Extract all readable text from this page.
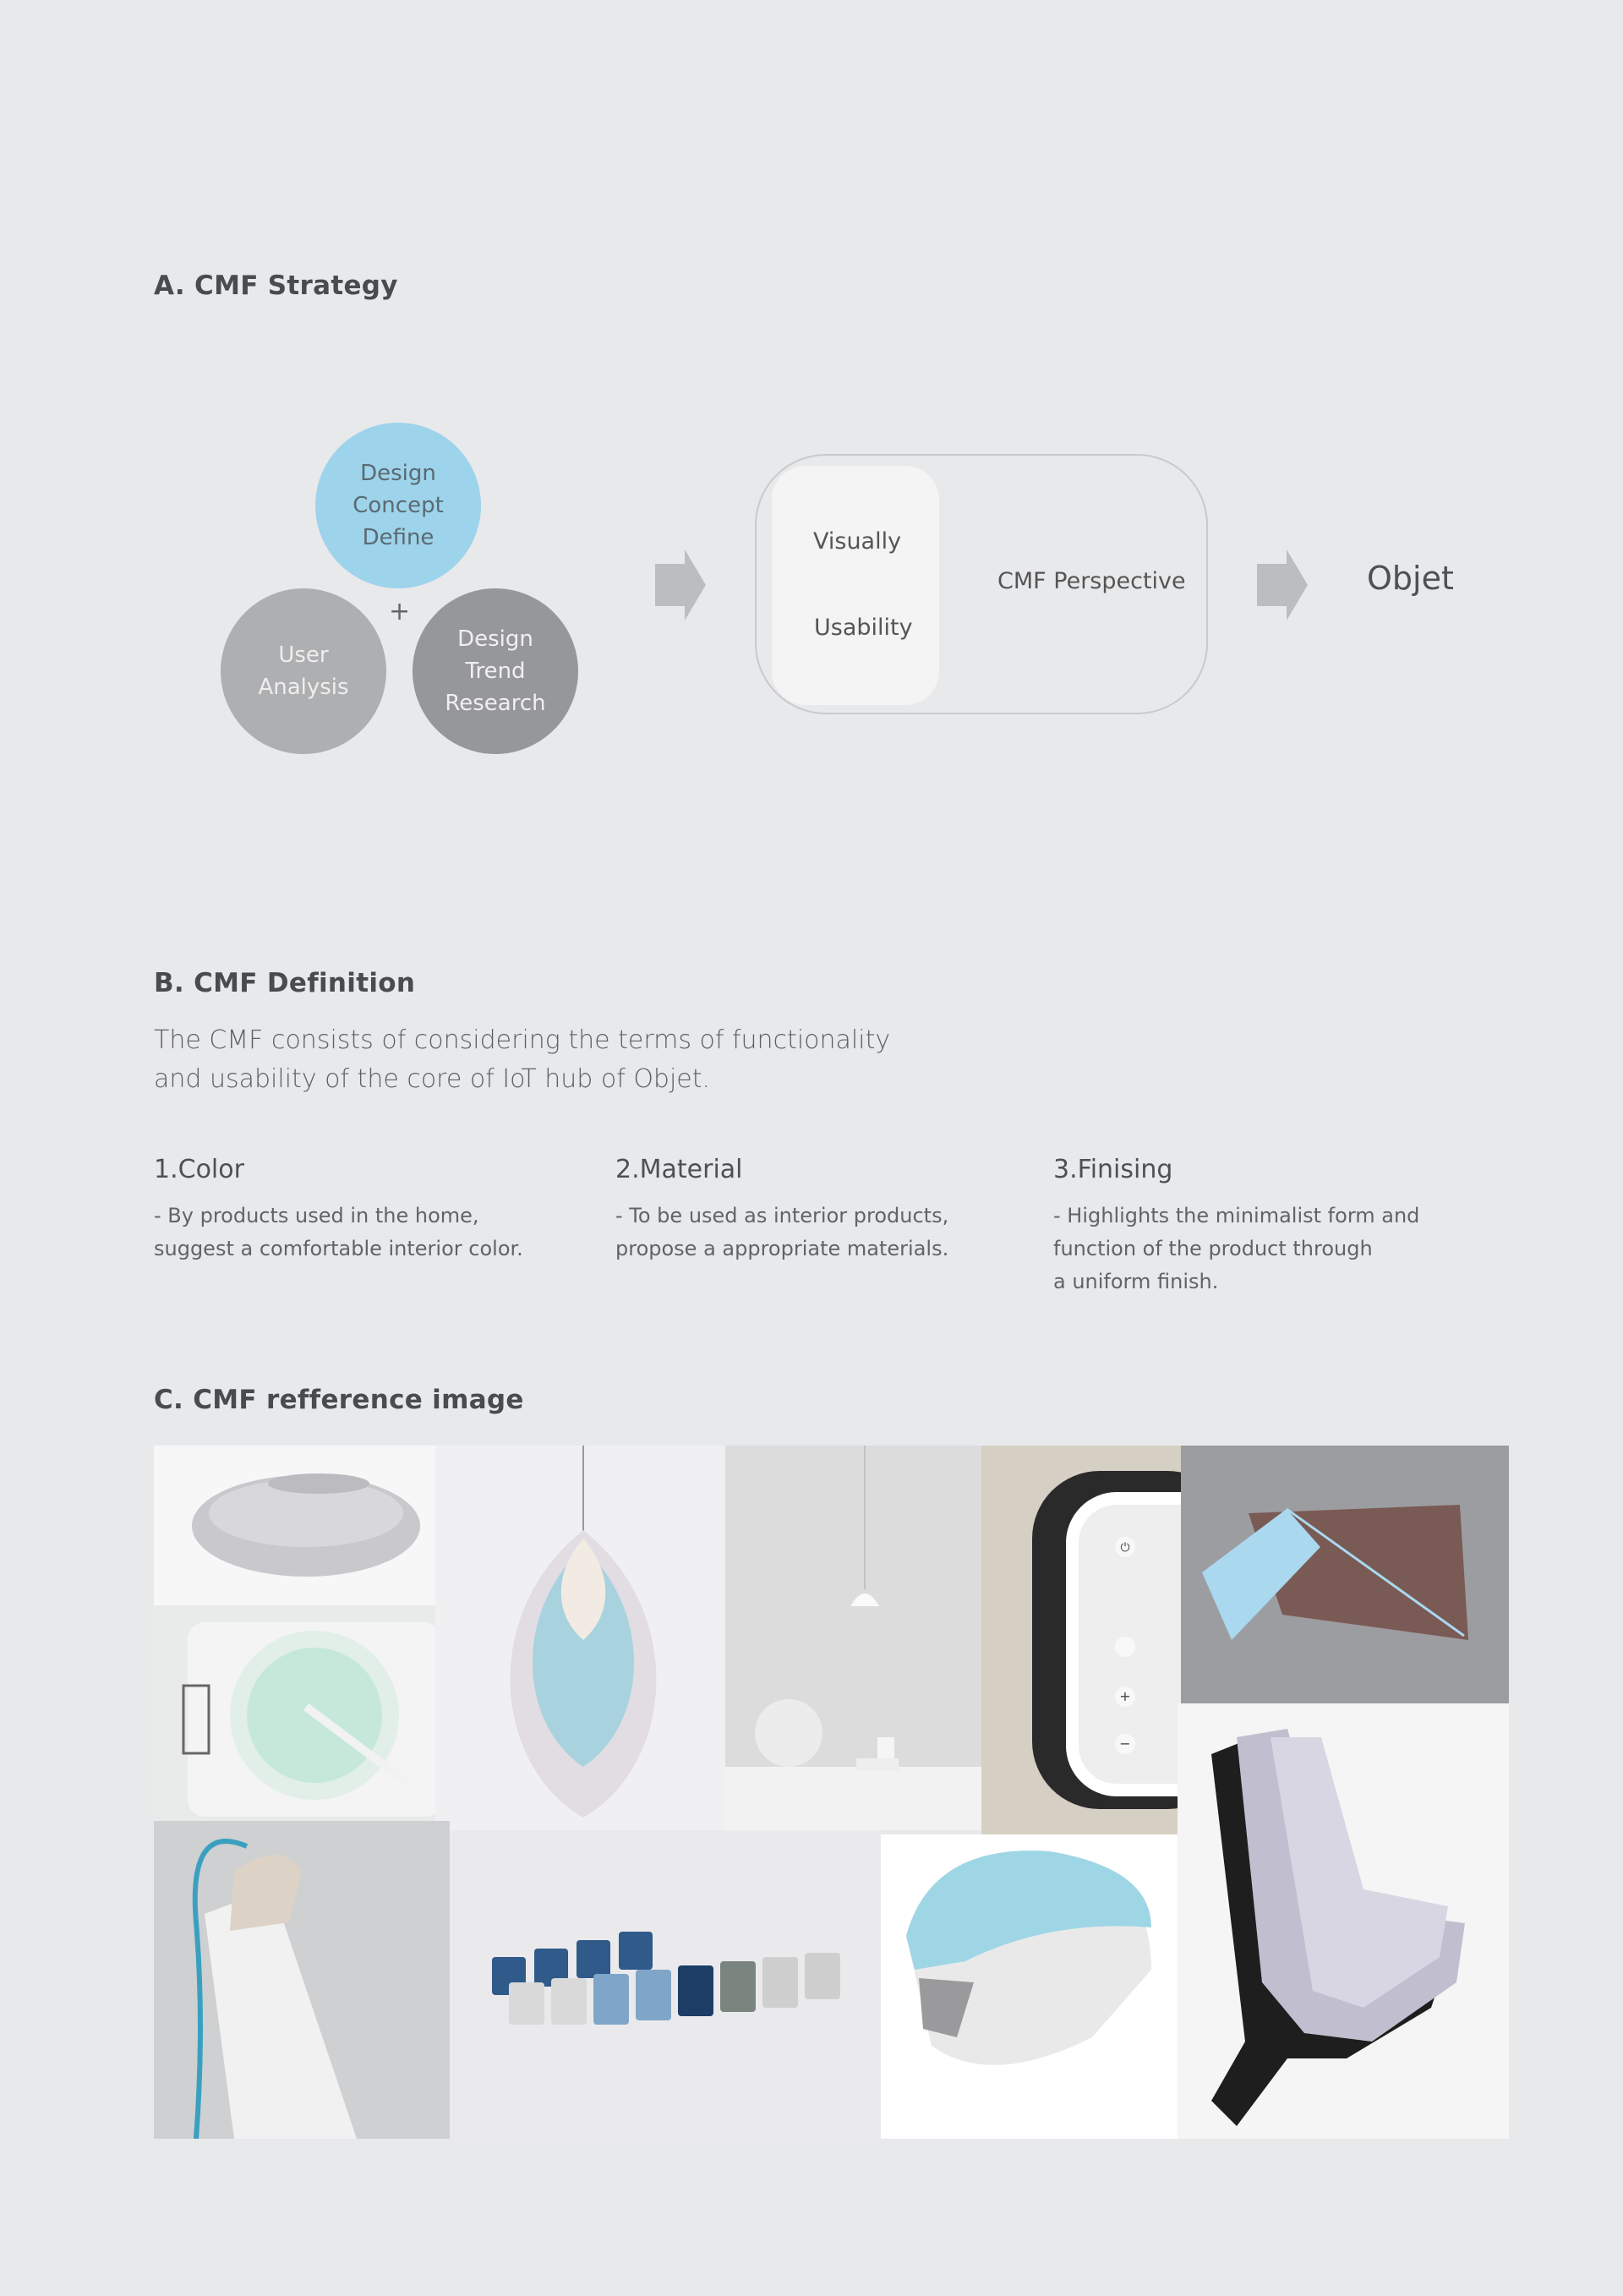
A. CMF Strategy
Design
Concept
Define
User
Analysis
Design
Trend
Research
+
Visually
Usability
CMF Perspective	Objet
B. CMF Definition
The CMF consists of considering the terms of functionality
and usability of the core of IoT hub of Objet.
1.Color
- By products used in the home,
suggest a comfortable interior color.
2.Material
- To be used as interior products,
propose a appropriate materials.
3.Finising
- Highlights the minimalist form and
function of the product through
a uniform finish.
C. CMF refference image
⏻
+
−
